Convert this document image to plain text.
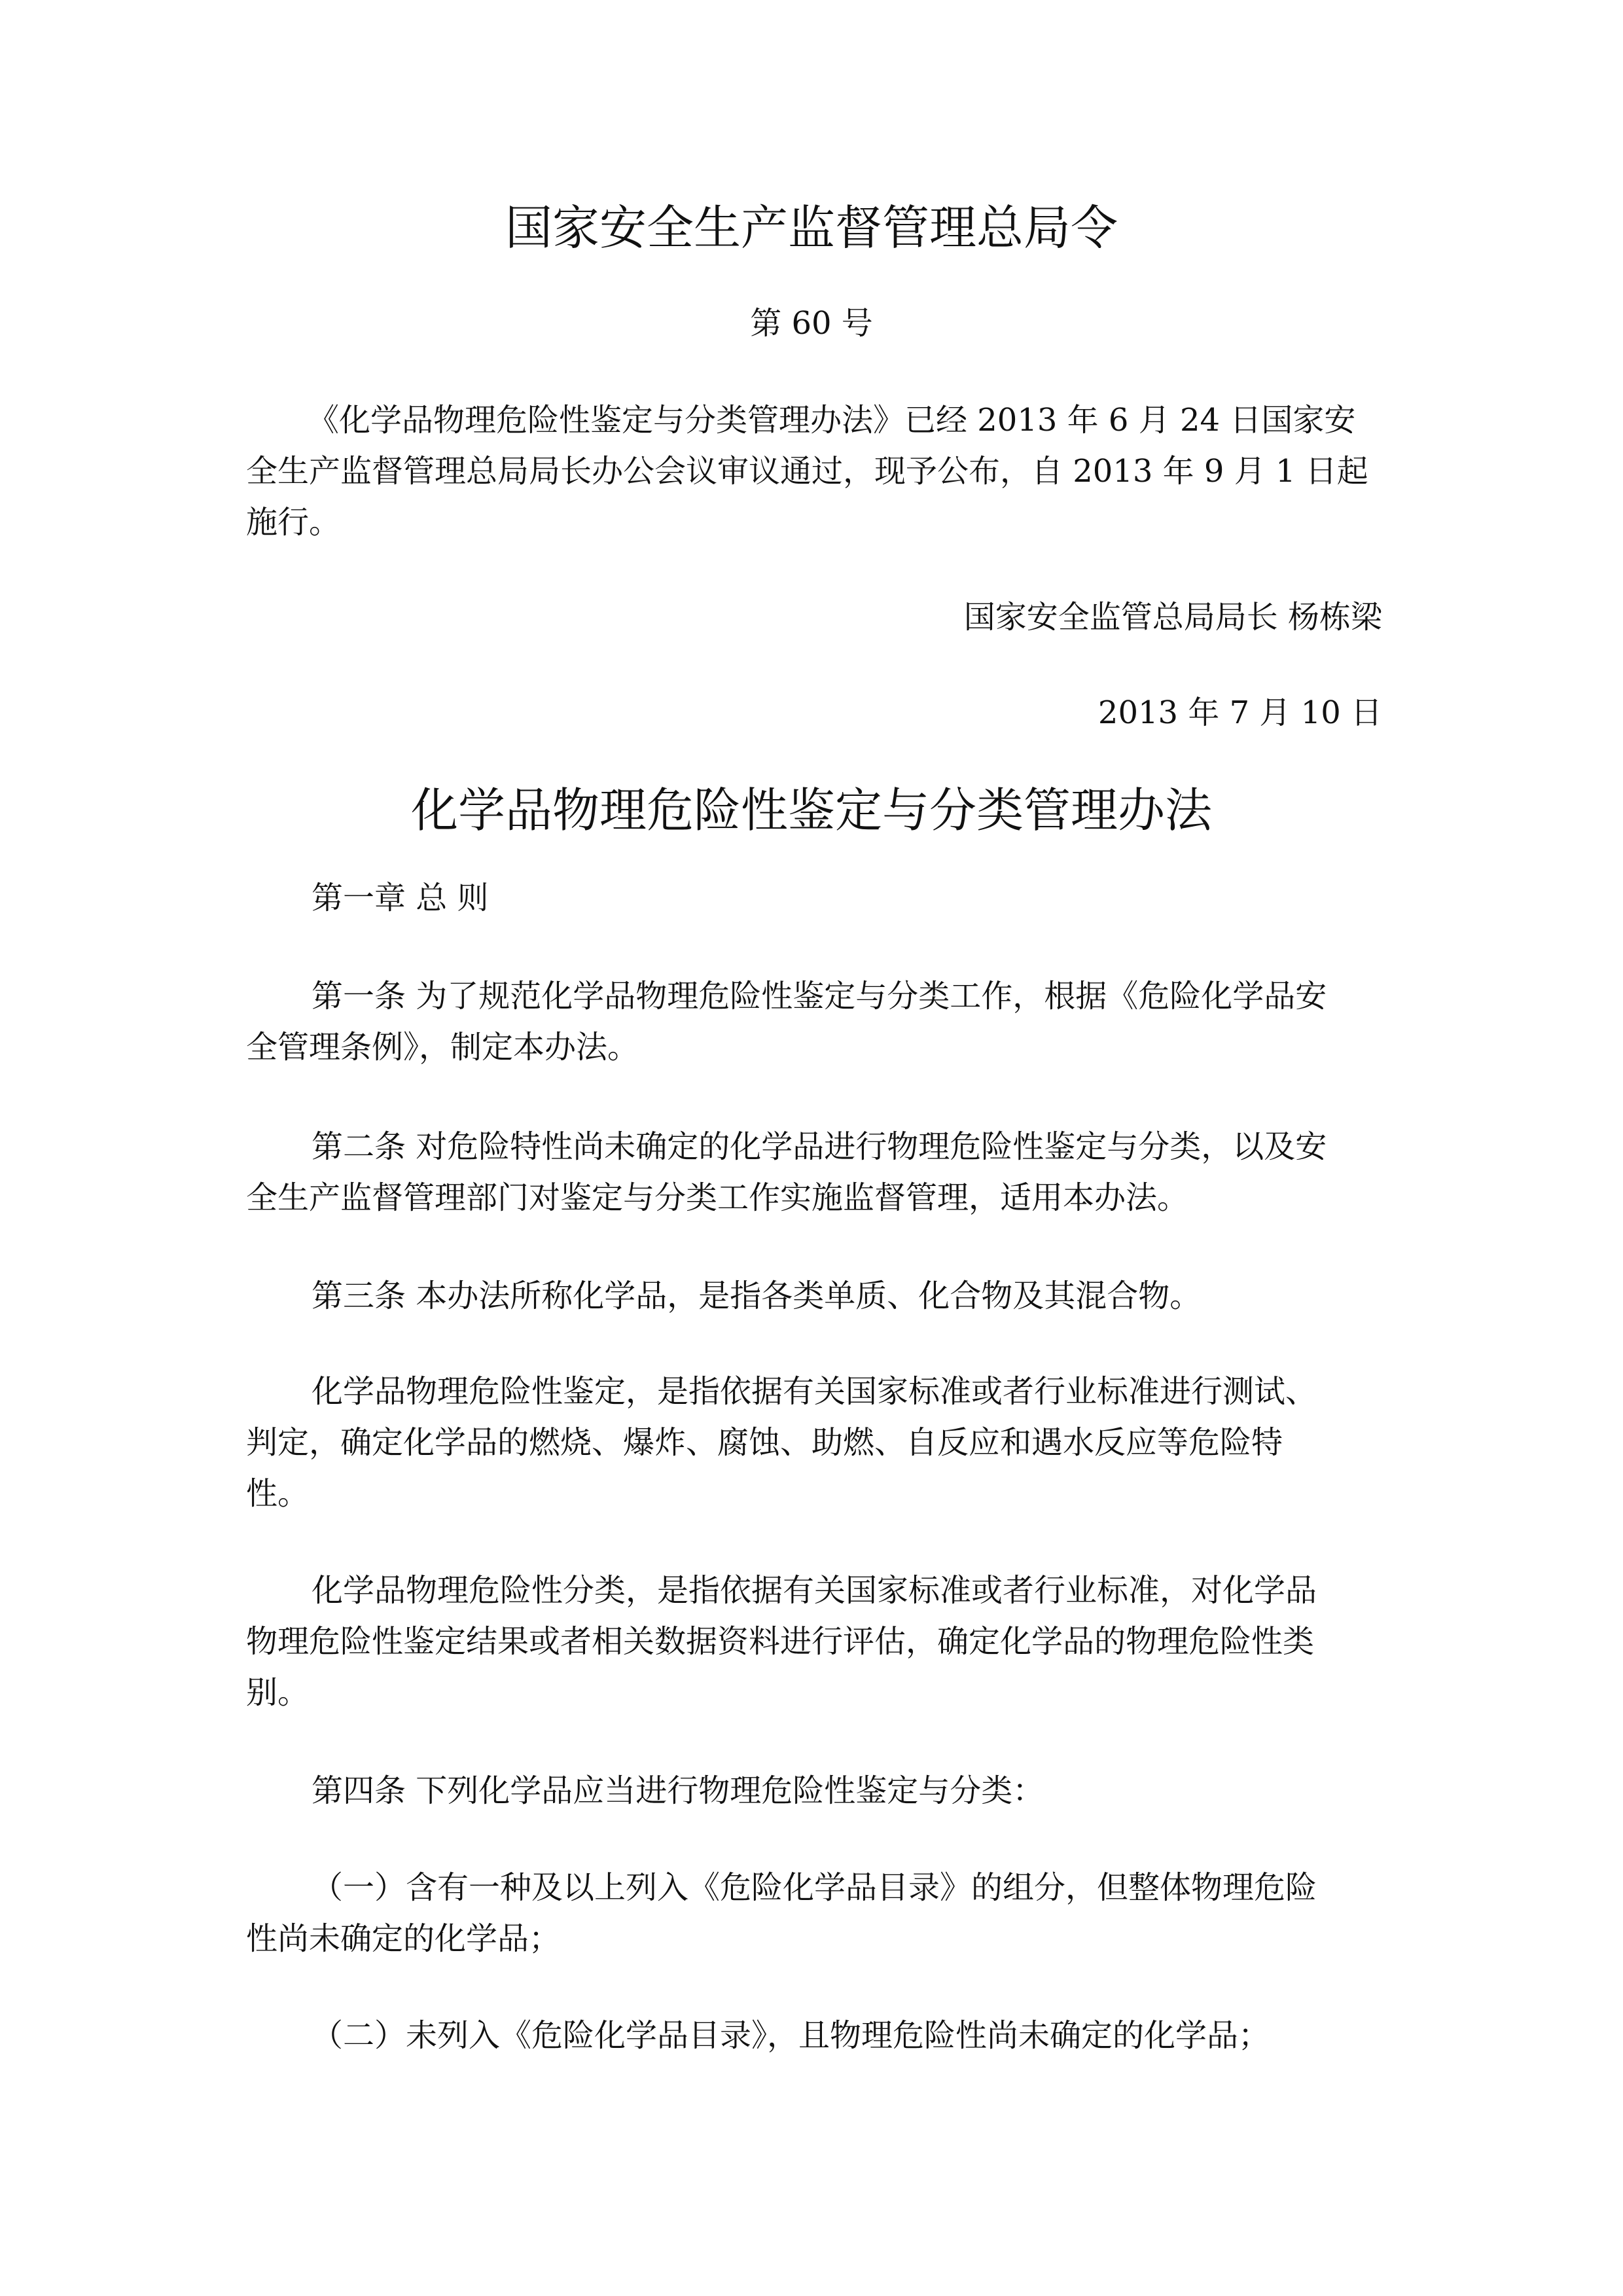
国家安全生产监督管理总局令
第 60 号
《化学品物理危险性鉴定与分类管理办法》已经 2013 年 6 月 24 日国家安
全生产监督管理总局局长办公会议审议通过，现予公布，自 2013 年 9 月 1 日起
施行。
国家安全监管总局局长 杨栋梁
2013 年 7 月 10 日
化学品物理危险性鉴定与分类管理办法
第一章 总 则
第一条 为了规范化学品物理危险性鉴定与分类工作，根据《危险化学品安
全管理条例》，制定本办法。
第二条 对危险特性尚未确定的化学品进行物理危险性鉴定与分类，以及安
全生产监督管理部门对鉴定与分类工作实施监督管理，适用本办法。
第三条 本办法所称化学品，是指各类单质、化合物及其混合物。
化学品物理危险性鉴定，是指依据有关国家标准或者行业标准进行测试、
判定，确定化学品的燃烧、爆炸、腐蚀、助燃、自反应和遇水反应等危险特
性。
化学品物理危险性分类，是指依据有关国家标准或者行业标准，对化学品
物理危险性鉴定结果或者相关数据资料进行评估，确定化学品的物理危险性类
别。
第四条 下列化学品应当进行物理危险性鉴定与分类：
（一）含有一种及以上列入《危险化学品目录》的组分，但整体物理危险
性尚未确定的化学品；
（二）未列入《危险化学品目录》，且物理危险性尚未确定的化学品；
